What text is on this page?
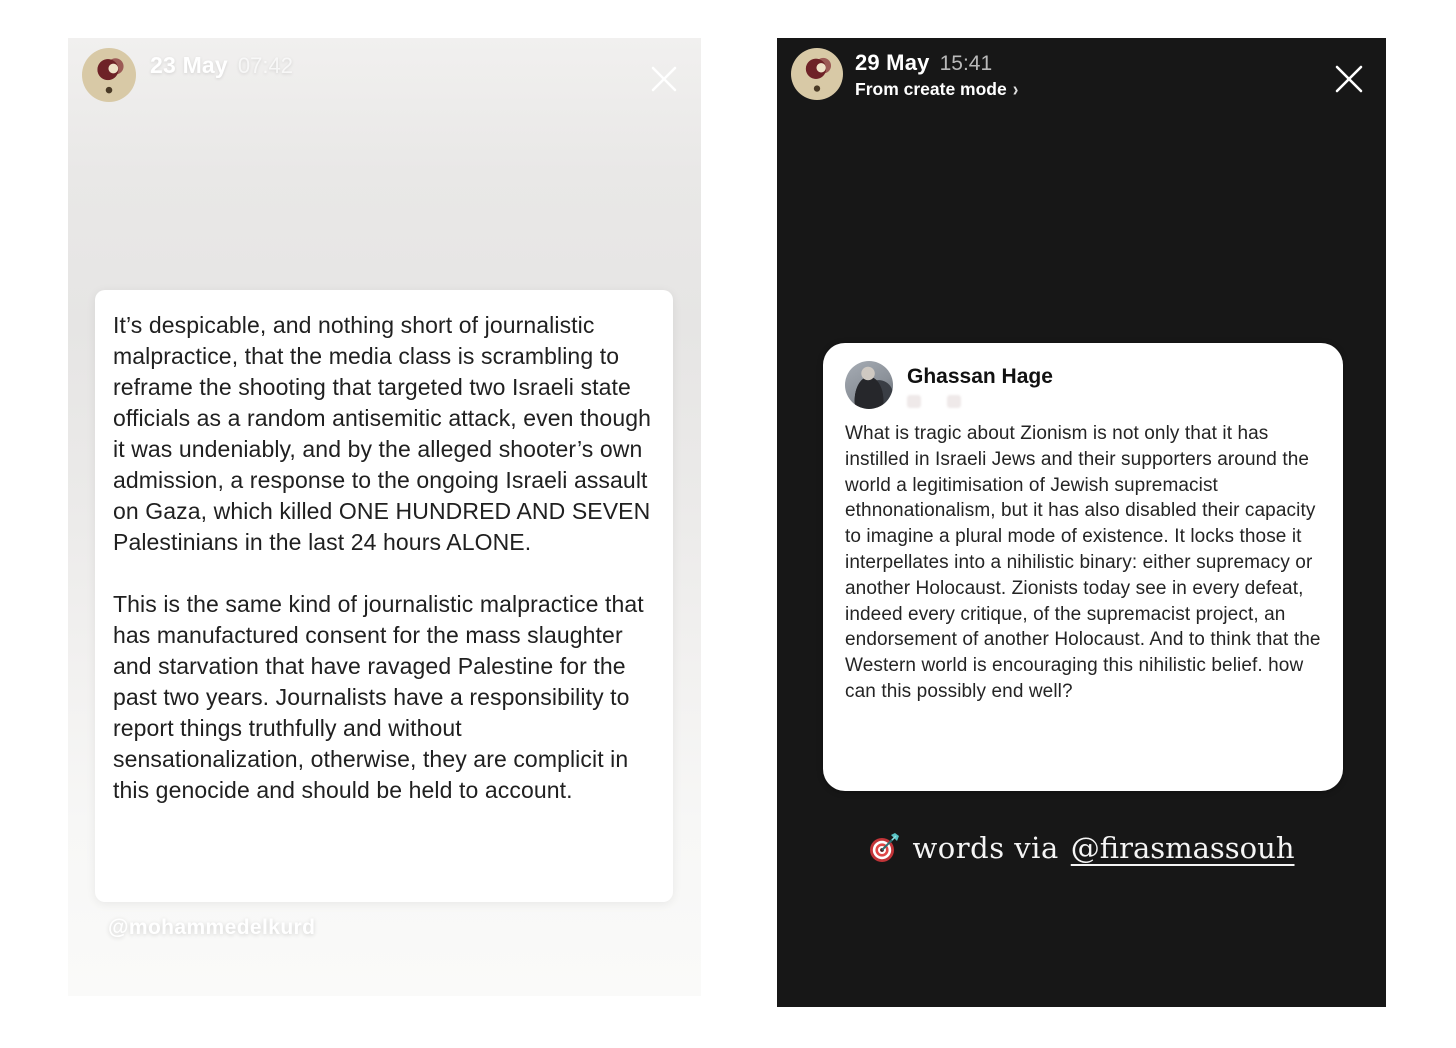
23 May 07:42

It’s despicable, and nothing short of journalistic malpractice, that the media class is scrambling to reframe the shooting that targeted two Israeli state officials as a random antisemitic attack, even though it was undeniably, and by the alleged shooter’s own admission, a response to the ongoing Israeli assault on Gaza, which killed ONE HUNDRED AND SEVEN Palestinians in the last 24 hours ALONE.

This is the same kind of journalistic malpractice that has manufactured consent for the mass slaughter and starvation that have ravaged Palestine for the past two years. Journalists have a responsibility to report things truthfully and without sensationalization, otherwise, they are complicit in this genocide and should be held to account.

@mohammedelkurd
29 May 15:41
From create mode ›
Ghassan Hage
What is tragic about Zionism is not only that it has instilled in Israeli Jews and their supporters around the world a legitimisation of Jewish supremacist ethnonationalism, but it has also disabled their capacity to imagine a plural mode of existence. It locks those it interpellates into a nihilistic binary: either supremacy or another Holocaust. Zionists today see in every defeat, indeed every critique, of the supremacist project, an endorsement of another Holocaust. And to think that the Western world is encouraging this nihilistic belief. how can this possibly end well?
words via @firasmassouh
